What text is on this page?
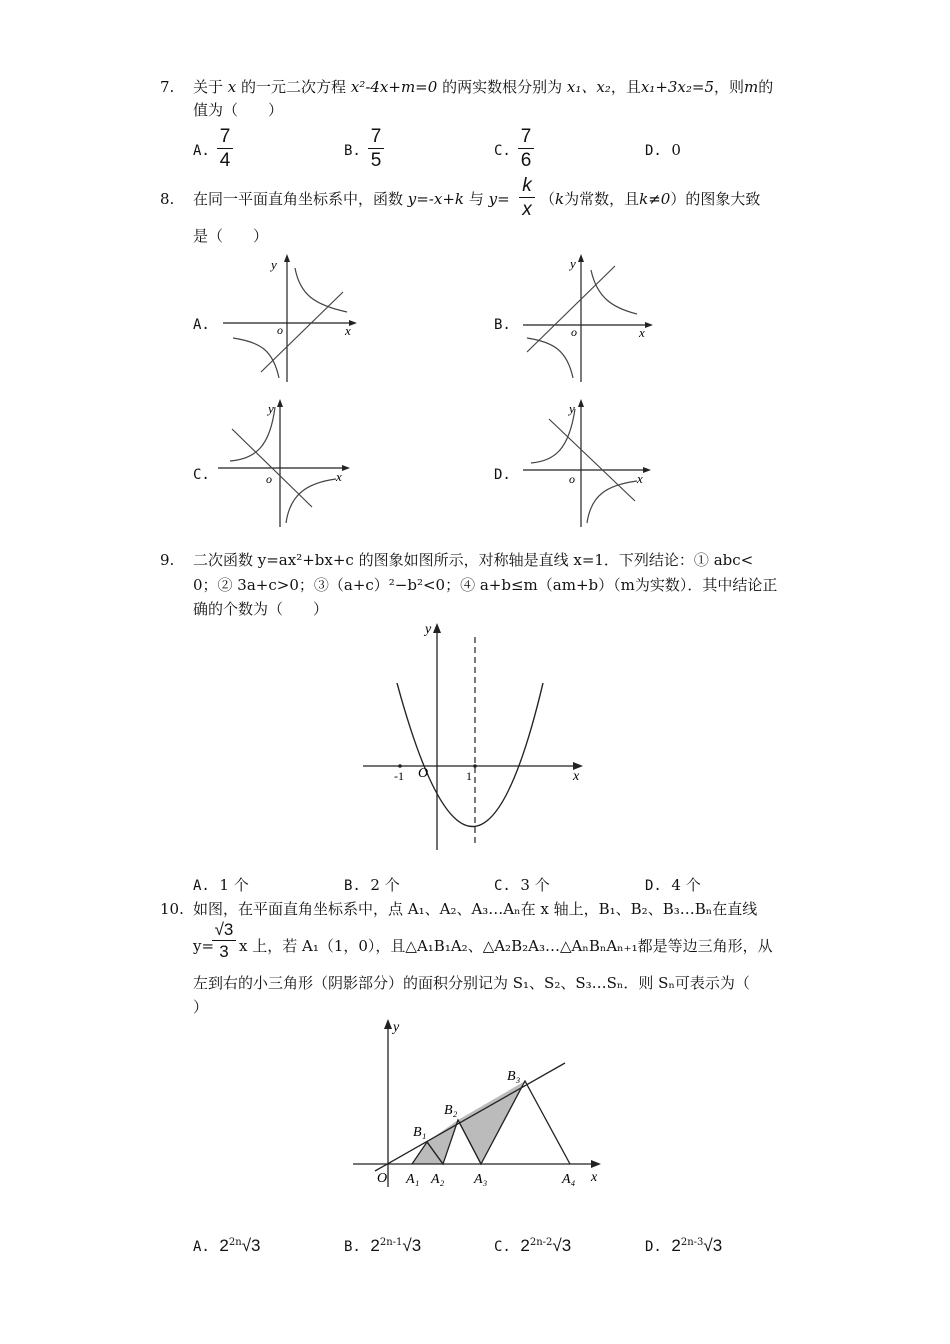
7. 关于 x 的一元二次方程 x²-4x+m=0 的两实数根分别为 x₁、x₂，且x₁+3x₂=5，则m的
值为（　　）
A.
7
4	B.
7
5	C.
7
6	D. 0
8. 在同一平面直角坐标系中，函数 y=-x+k 与 y=
k
x （k为常数，且k≠0）的图象大致
是（　　）
A.
y
x
o	B.
y
x
o
C.
y
x
o	D.
y
x
o
9. 二次函数 y=ax²+bx+c 的图象如图所示，对称轴是直线 x=1．下列结论：① abc<
0；② 3a+c>0；③（a+c）²−b²<0；④ a+b≤m（am+b）（m为实数）．其中结论正
确的个数为（　　）
y
x
O
-1	1
A. 1 个	B. 2 个	C. 3 个	D. 4 个
10. 如图，在平面直角坐标系中，点 A₁、A₂、A₃…Aₙ在 x 轴上，B₁、B₂、B₃…Bₙ在直线
y=
√3
3 x 上，若 A₁（1，0），且△A₁B₁A₂、△A₂B₂A₃…△AₙBₙAₙ₊₁都是等边三角形，从
左到右的小三角形（阴影部分）的面积分别记为 S₁、S₂、S₃…Sₙ．则 Sₙ可表示为（
）
y
x
O A₁ A₂ A₃	A₄
B₁
B₂
B₃
A. $2^{2n}√3$	B. $2^{2n-1}√3$	C. $2^{2n-2}√3$	D. $2^{2n-3}√3$
